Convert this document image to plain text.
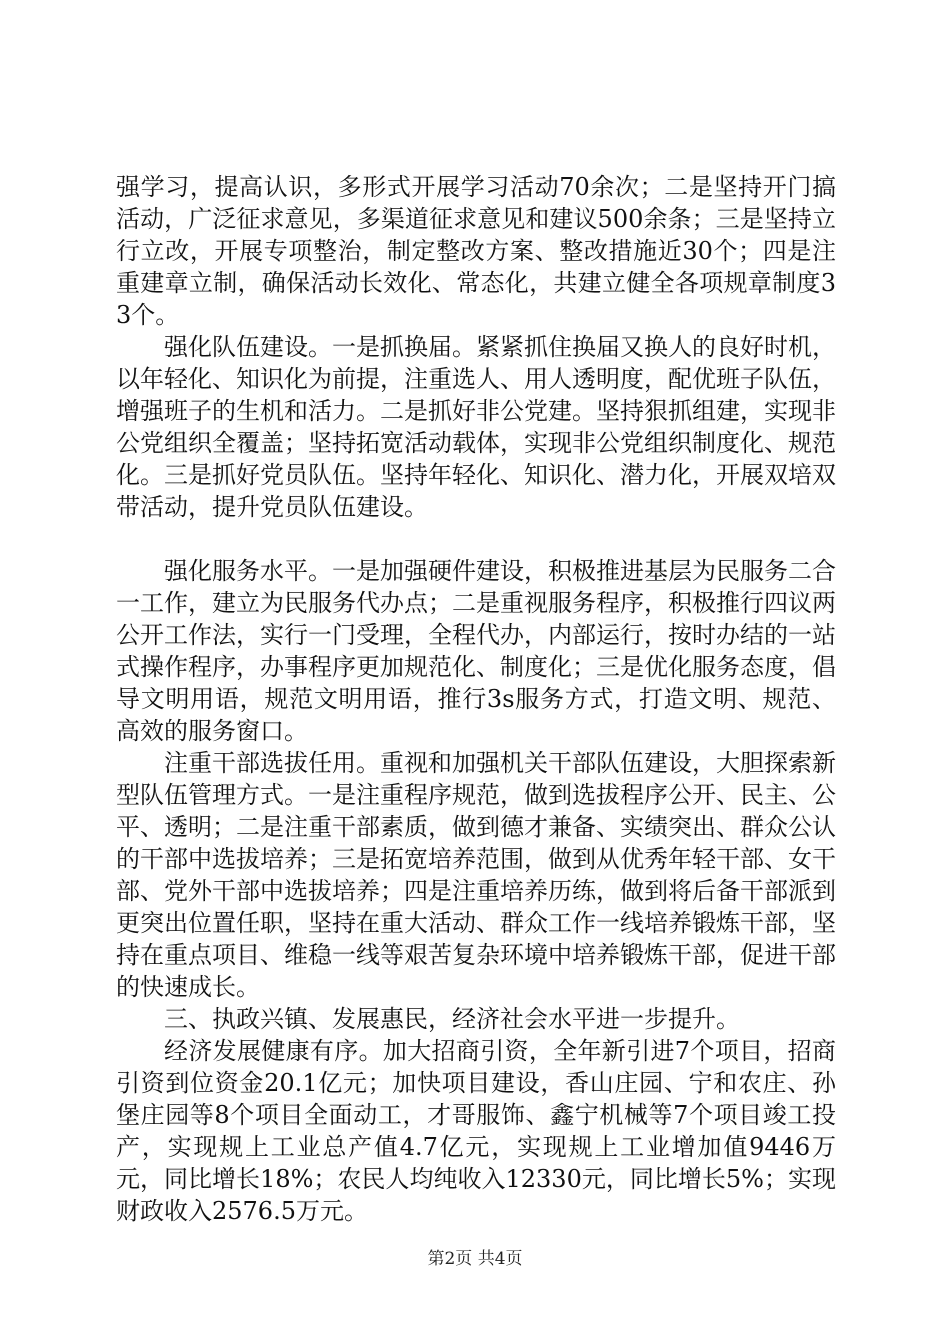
强学习，提高认识，多形式开展学习活动70余次；二是坚持开门搞活动，广泛征求意见，多渠道征求意见和建议500余条；三是坚持立行立改，开展专项整治，制定整改方案、整改措施近30个；四是注重建章立制，确保活动长效化、常态化，共建立健全各项规章制度33个。

强化队伍建设。一是抓换届。紧紧抓住换届又换人的良好时机，以年轻化、知识化为前提，注重选人、用人透明度，配优班子队伍，增强班子的生机和活力。二是抓好非公党建。坚持狠抓组建，实现非公党组织全覆盖；坚持拓宽活动载体，实现非公党组织制度化、规范化。三是抓好党员队伍。坚持年轻化、知识化、潜力化，开展双培双带活动，提升党员队伍建设。

强化服务水平。一是加强硬件建设，积极推进基层为民服务二合一工作，建立为民服务代办点；二是重视服务程序，积极推行四议两公开工作法，实行一门受理，全程代办，内部运行，按时办结的一站式操作程序，办事程序更加规范化、制度化；三是优化服务态度，倡导文明用语，规范文明用语，推行3s服务方式，打造文明、规范、高效的服务窗口。

注重干部选拔任用。重视和加强机关干部队伍建设，大胆探索新型队伍管理方式。一是注重程序规范，做到选拔程序公开、民主、公平、透明；二是注重干部素质，做到德才兼备、实绩突出、群众公认的干部中选拔培养；三是拓宽培养范围，做到从优秀年轻干部、女干部、党外干部中选拔培养；四是注重培养历练，做到将后备干部派到更突出位置任职，坚持在重大活动、群众工作一线培养锻炼干部，坚持在重点项目、维稳一线等艰苦复杂环境中培养锻炼干部，促进干部的快速成长。

三、执政兴镇、发展惠民，经济社会水平进一步提升。

经济发展健康有序。加大招商引资，全年新引进7个项目，招商引资到位资金20.1亿元；加快项目建设，香山庄园、宁和农庄、孙堡庄园等8个项目全面动工，才哥服饰、鑫宁机械等7个项目竣工投产，实现规上工业总产值4.7亿元，实现规上工业增加值9446万元，同比增长18%；农民人均纯收入12330元，同比增长5%；实现财政收入2576.5万元。

第2页 共4页
